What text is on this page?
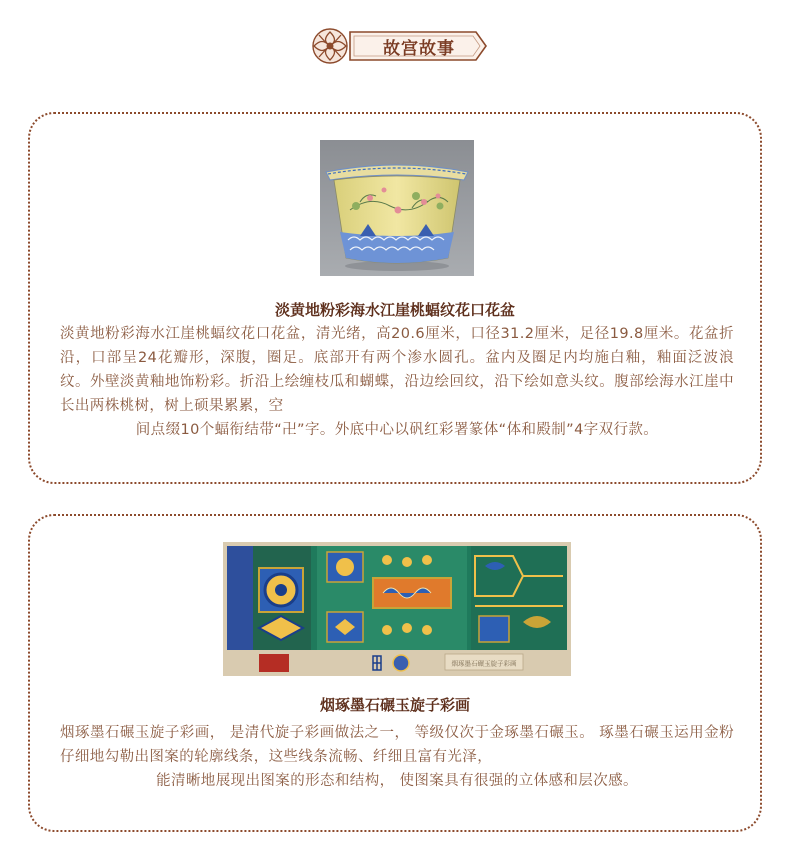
故宫故事
淡黄地粉彩海水江崖桃蝠纹花口花盆
淡黄地粉彩海水江崖桃蝠纹花口花盆，清光绪，高20.6厘米，口径31.2厘米，足径19.8厘米。花盆折沿，口部呈24花瓣形，深腹，圈足。底部开有两个渗水圆孔。盆内及圈足内均施白釉，釉面泛波浪纹。外壁淡黄釉地饰粉彩。折沿上绘缠枝瓜和蝴蝶，沿边绘回纹，沿下绘如意头纹。腹部绘海水江崖中长出两株桃树，树上硕果累累，空
间点缀10个蝠衔结带“卍”字。外底中心以矾红彩署篆体“体和殿制”4字双行款。
烟琢墨石碾玉旋子彩画
烟琢墨石碾玉旋子彩画
烟琢墨石碾玉旋子彩画， 是清代旋子彩画做法之一， 等级仅次于金琢墨石碾玉。 琢墨石碾玉运用金粉仔细地勾勒出图案的轮廓线条，这些线条流畅、纤细且富有光泽，
能清晰地展现出图案的形态和结构， 使图案具有很强的立体感和层次感。
